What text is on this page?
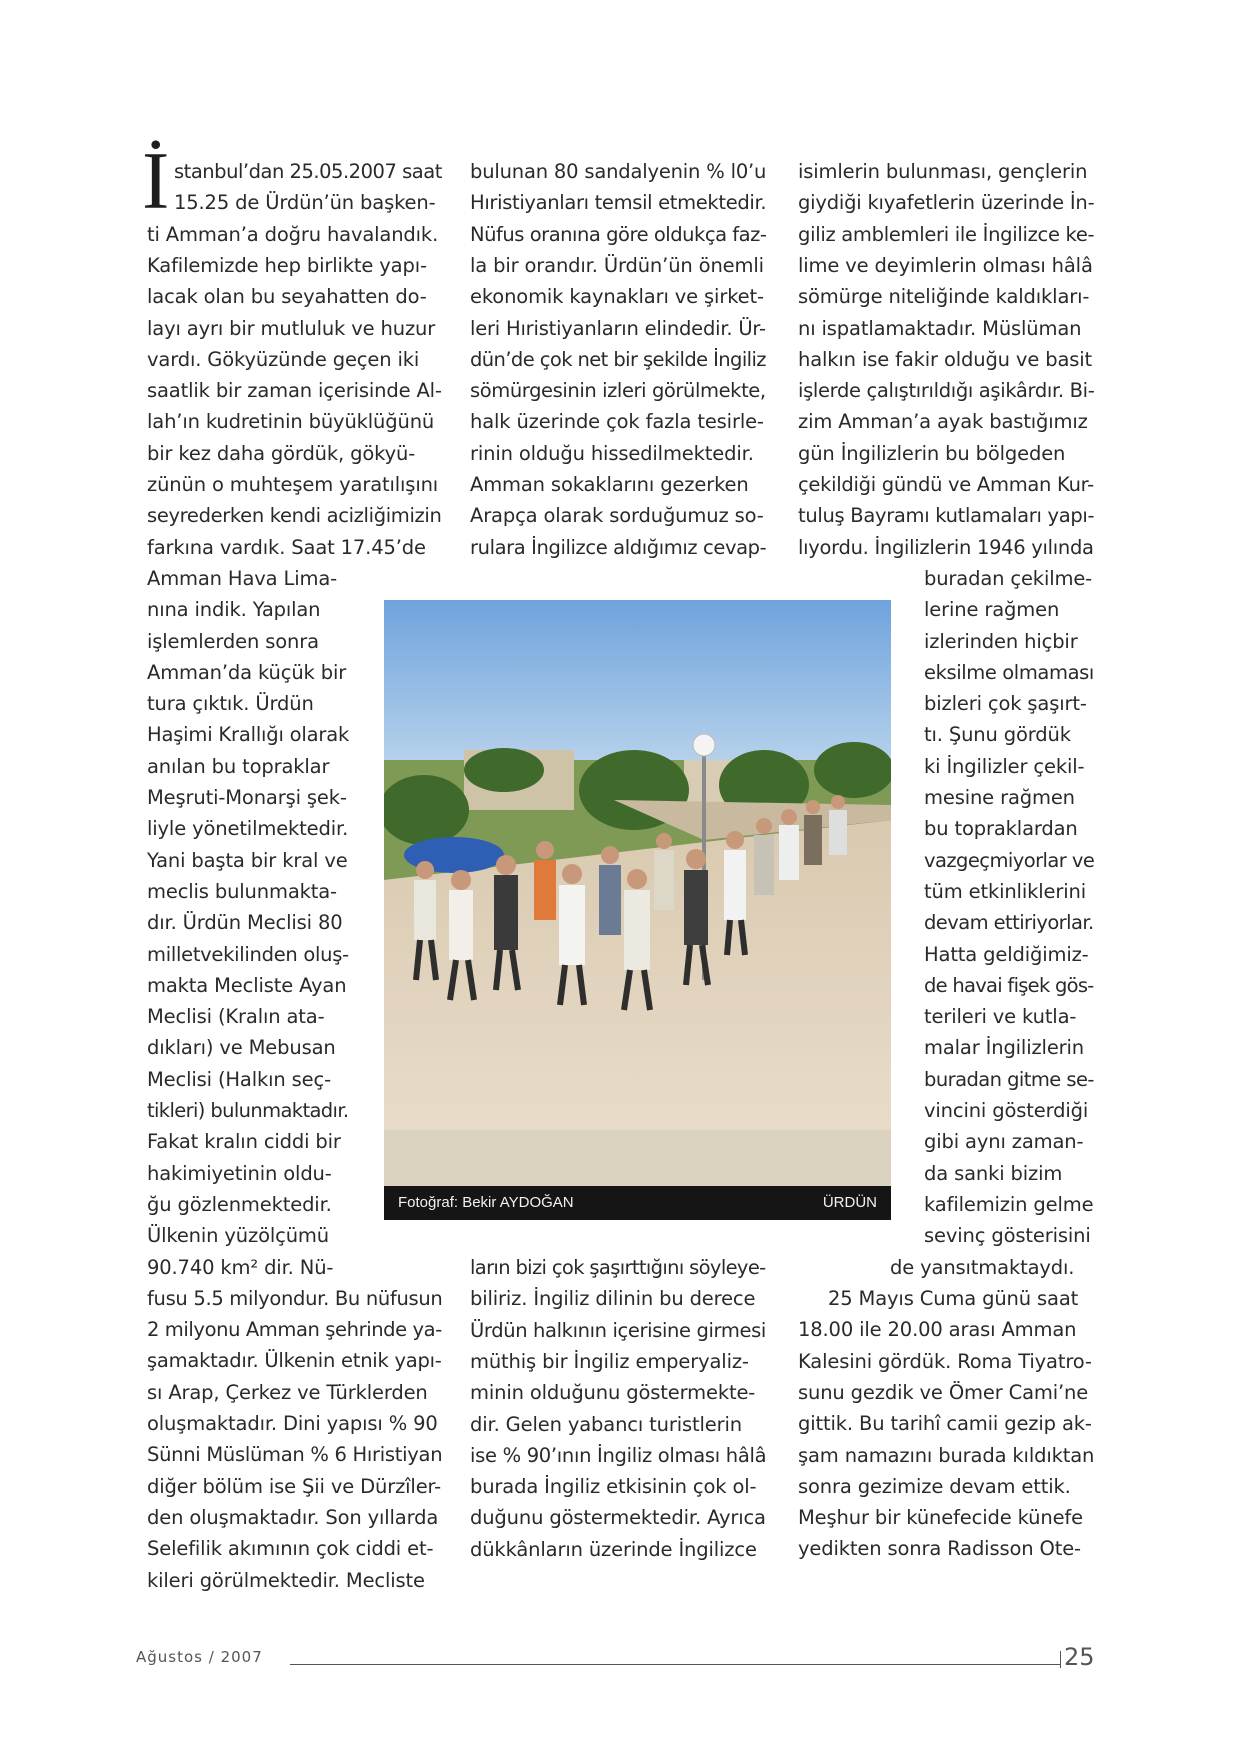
İ stanbul’dan 25.05.2007 saat
15.25 de Ürdün’ün başken-
ti Amman’a doğru havalandık.
Kafilemizde hep birlikte yapı-
lacak olan bu seyahatten do-
layı ayrı bir mutluluk ve huzur
vardı. Gökyüzünde geçen iki
saatlik bir zaman içerisinde Al-
lah’ın kudretinin büyüklüğünü
bir kez daha gördük, gökyü-
zünün o muhteşem yaratılışını
seyrederken kendi acizliğimizin
farkına vardık. Saat 17.45’de
Amman Hava Lima-
nına indik. Yapılan
işlemlerden sonra
Amman’da küçük bir
tura çıktık. Ürdün
Haşimi Krallığı olarak
anılan bu topraklar
Meşruti-Monarşi şek-
liyle yönetilmektedir.
Yani başta bir kral ve
meclis bulunmakta-
dır. Ürdün Meclisi 80
milletvekilinden oluş-
makta Mecliste Ayan
Meclisi (Kralın ata-
dıkları) ve Mebusan
Meclisi (Halkın seç-
tikleri) bulunmaktadır.
Fakat kralın ciddi bir
hakimiyetinin oldu-
ğu gözlenmektedir.
Ülkenin yüzölçümü
90.740 km² dir. Nü-
fusu 5.5 milyondur. Bu nüfusun
2 milyonu Amman şehrinde ya-
şamaktadır. Ülkenin etnik yapı-
sı Arap, Çerkez ve Türklerden
oluşmaktadır. Dini yapısı % 90
Sünni Müslüman % 6 Hıristiyan
diğer bölüm ise Şii ve Dürzîler-
den oluşmaktadır. Son yıllarda
Selefilik akımının çok ciddi et-
kileri görülmektedir. Mecliste
bulunan 80 sandalyenin % l0’u
Hıristiyanları temsil etmektedir.
Nüfus oranına göre oldukça faz-
la bir orandır. Ürdün’ün önemli
ekonomik kaynakları ve şirket-
leri Hıristiyanların elindedir. Ür-
dün’de çok net bir şekilde İngiliz
sömürgesinin izleri görülmekte,
halk üzerinde çok fazla tesirle-
rinin olduğu hissedilmektedir.
Amman sokaklarını gezerken
Arapça olarak sorduğumuz so-
rulara İngilizce aldığımız cevap-
ların bizi çok şaşırttığını söyleye-
biliriz. İngiliz dilinin bu derece
Ürdün halkının içerisine girmesi
müthiş bir İngiliz emperyaliz-
minin olduğunu göstermekte-
dir. Gelen yabancı turistlerin
ise % 90’ının İngiliz olması hâlâ
burada İngiliz etkisinin çok ol-
duğunu göstermektedir. Ayrıca
dükkânların üzerinde İngilizce
isimlerin bulunması, gençlerin
giydiği kıyafetlerin üzerinde İn-
giliz amblemleri ile İngilizce ke-
lime ve deyimlerin olması hâlâ
sömürge niteliğinde kaldıkları-
nı ispatlamaktadır. Müslüman
halkın ise fakir olduğu ve basit
işlerde çalıştırıldığı aşikârdır. Bi-
zim Amman’a ayak bastığımız
gün İngilizlerin bu bölgeden
çekildiği gündü ve Amman Kur-
tuluş Bayramı kutlamaları yapı-
lıyordu. İngilizlerin 1946 yılında
buradan çekilme-
lerine rağmen
izlerinden hiçbir
eksilme olmaması
bizleri çok şaşırt-
tı. Şunu gördük
ki İngilizler çekil-
mesine rağmen
bu topraklardan
vazgeçmiyorlar ve
tüm etkinliklerini
devam ettiriyorlar.
Hatta geldiğimiz-
de havai fişek gös-
terileri ve kutla-
malar İngilizlerin
buradan gitme se-
vincini gösterdiği
gibi aynı zaman-
da sanki bizim
kafilemizin gelme
sevinç gösterisini
de yansıtmaktaydı.
25 Mayıs Cuma günü saat
18.00 ile 20.00 arası Amman
Kalesini gördük. Roma Tiyatro-
sunu gezdik ve Ömer Cami’ne
gittik. Bu tarihî camii gezip ak-
şam namazını burada kıldıktan
sonra gezimize devam ettik.
Meşhur bir künefecide künefe
yedikten sonra Radisson Ote-
Fotoğraf: Bekir AYDOĞAN	ÜRDÜN
Ağustos / 2007	25
